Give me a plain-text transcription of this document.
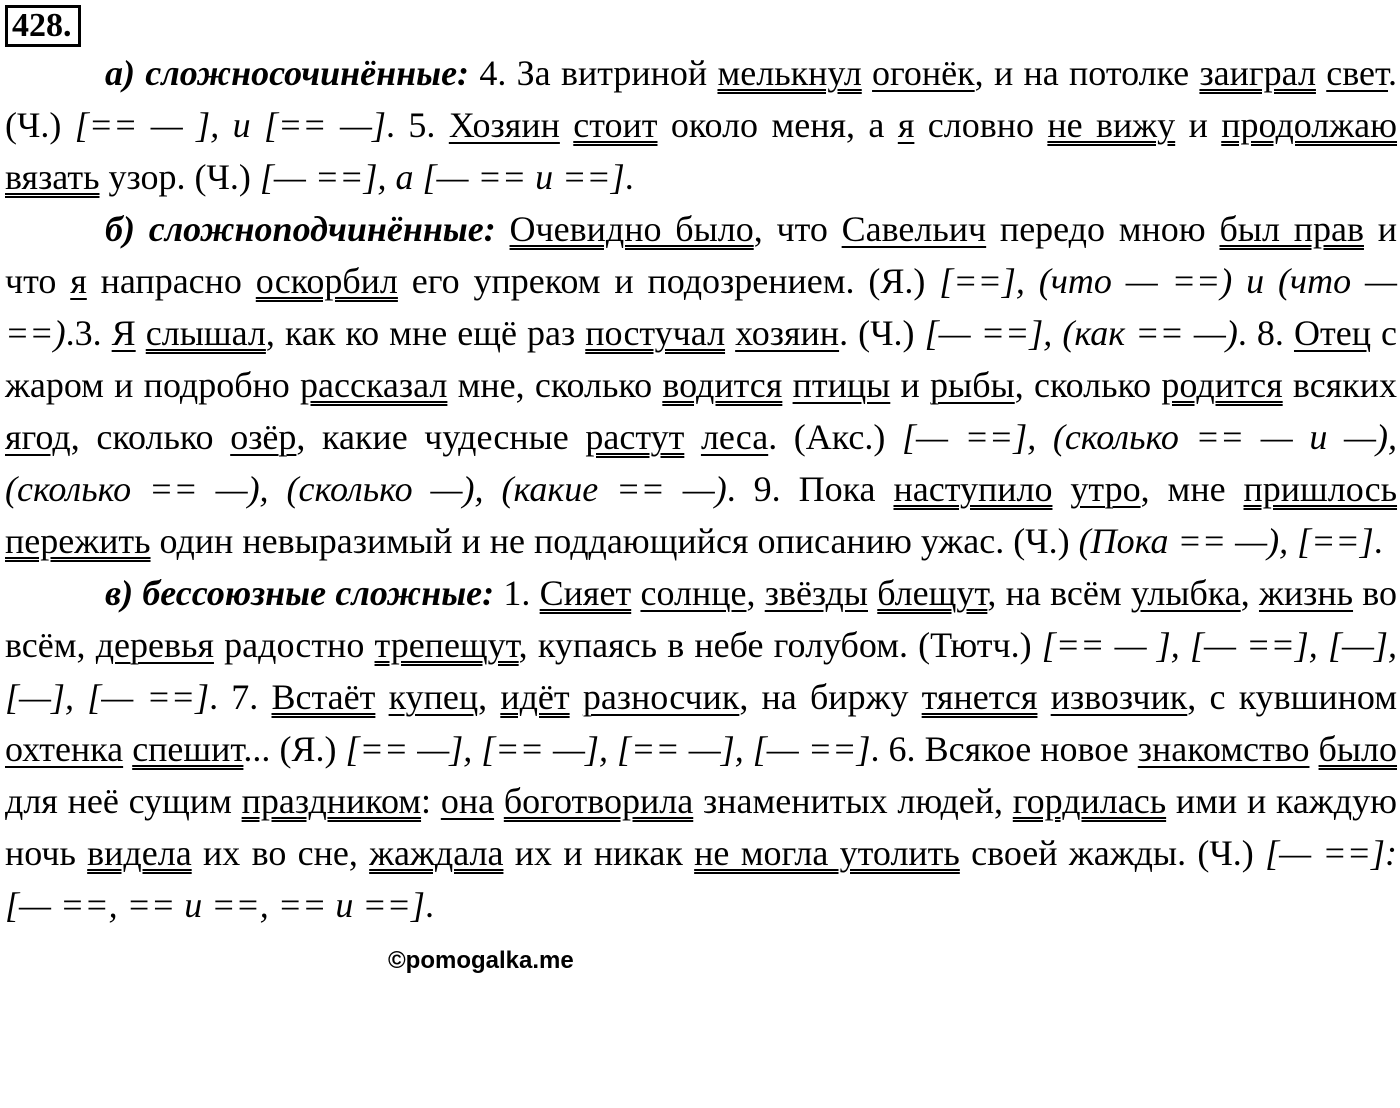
428.
а) сложносочинённые: 4. За витриной мелькнул огонёк, и на потолке заиграл свет. (Ч.) [== — ], и [== —]. 5. Хозяин стоит около меня, а я словно не вижу и продолжаю вязать узор. (Ч.) [— ==], а [— == и ==].
б) сложноподчинённые: Очевидно было, что Савельич передо мною был прав и что я напрасно оскорбил его упреком и подозрением. (Я.) [==], (что — ==) и (что — ==).3. Я слышал, как ко мне ещё раз постучал хозяин. (Ч.) [— ==], (как == —). 8. Отец с жаром и подробно рассказал мне, сколько водится птицы и рыбы, сколько родится всяких ягод, сколько озёр, какие чудесные растут леса. (Акс.) [— ==], (сколько == — и —), (сколько == —), (сколько —), (какие == —). 9. Пока наступило утро, мне пришлось пережить один невыразимый и не поддающийся описанию ужас. (Ч.) (Пока == —), [==].
в) бессоюзные сложные: 1. Сияет солнце, звёзды блещут, на всём улыбка, жизнь во всём, деревья радостно трепещут, купаясь в небе голубом. (Тютч.) [== — ], [— ==], [—], [—], [— ==]. 7. Встаёт купец, идёт разносчик, на биржу тянется извозчик, с кувшином охтенка спешит... (Я.) [== —], [== —], [== —], [— ==]. 6. Всякое новое знакомство было для неё сущим праздником: она боготворила знаменитых людей, гордилась ими и каждую ночь видела их во сне, жаждала их и никак не могла утолить своей жажды. (Ч.) [— ==]: [— ==, == и ==, == и ==].
©pomogalka.me
